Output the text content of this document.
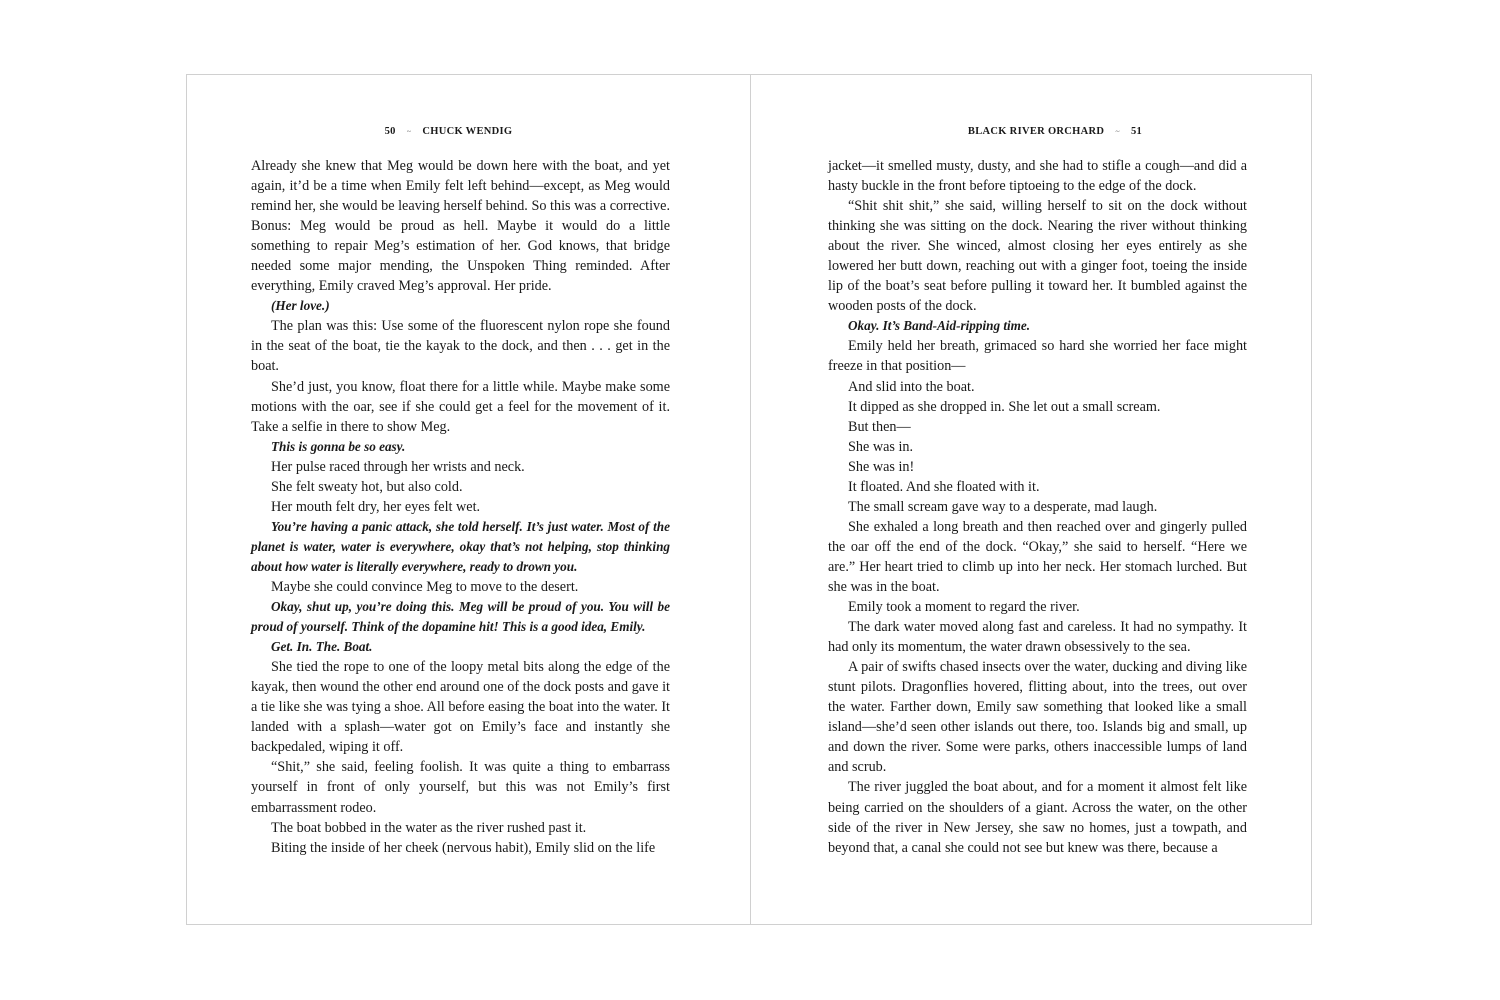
50 ~ CHUCK WENDIG

Already she knew that Meg would be down here with the boat, and yet again, it’d be a time when Emily felt left behind—except, as Meg would remind her, she would be leaving herself behind. So this was a corrective. Bonus: Meg would be proud as hell. Maybe it would do a little something to repair Meg’s estimation of her. God knows, that bridge needed some major mending, the Unspoken Thing reminded. After everything, Emily craved Meg’s approval. Her pride.

(Her love.)

The plan was this: Use some of the fluorescent nylon rope she found in the seat of the boat, tie the kayak to the dock, and then . . . get in the boat.

She’d just, you know, float there for a little while. Maybe make some motions with the oar, see if she could get a feel for the movement of it. Take a selfie in there to show Meg.

This is gonna be so easy.

Her pulse raced through her wrists and neck.

She felt sweaty hot, but also cold.

Her mouth felt dry, her eyes felt wet.

You’re having a panic attack, she told herself. It’s just water. Most of the planet is water, water is everywhere, okay that’s not helping, stop thinking about how water is literally everywhere, ready to drown you.

Maybe she could convince Meg to move to the desert.

Okay, shut up, you’re doing this. Meg will be proud of you. You will be proud of yourself. Think of the dopamine hit! This is a good idea, Emily.

Get. In. The. Boat.

She tied the rope to one of the loopy metal bits along the edge of the kayak, then wound the other end around one of the dock posts and gave it a tie like she was tying a shoe. All before easing the boat into the water. It landed with a splash—water got on Emily’s face and instantly she backpedaled, wiping it off.

“Shit,” she said, feeling foolish. It was quite a thing to embarrass yourself in front of only yourself, but this was not Emily’s first embarrassment rodeo.

The boat bobbed in the water as the river rushed past it.

Biting the inside of her cheek (nervous habit), Emily slid on the life

BLACK RIVER ORCHARD ~ 51

jacket—it smelled musty, dusty, and she had to stifle a cough—and did a hasty buckle in the front before tiptoeing to the edge of the dock.

“Shit shit shit,” she said, willing herself to sit on the dock without thinking she was sitting on the dock. Nearing the river without thinking about the river. She winced, almost closing her eyes entirely as she lowered her butt down, reaching out with a ginger foot, toeing the inside lip of the boat’s seat before pulling it toward her. It bumbled against the wooden posts of the dock.

Okay. It’s Band-Aid-ripping time.

Emily held her breath, grimaced so hard she worried her face might freeze in that position—

And slid into the boat.

It dipped as she dropped in. She let out a small scream.

But then—

She was in.

She was in!

It floated. And she floated with it.

The small scream gave way to a desperate, mad laugh.

She exhaled a long breath and then reached over and gingerly pulled the oar off the end of the dock. “Okay,” she said to herself. “Here we are.” Her heart tried to climb up into her neck. Her stomach lurched. But she was in the boat.

Emily took a moment to regard the river.

The dark water moved along fast and careless. It had no sympathy. It had only its momentum, the water drawn obsessively to the sea.

A pair of swifts chased insects over the water, ducking and diving like stunt pilots. Dragonflies hovered, flitting about, into the trees, out over the water. Farther down, Emily saw something that looked like a small island—she’d seen other islands out there, too. Islands big and small, up and down the river. Some were parks, others inaccessible lumps of land and scrub.

The river juggled the boat about, and for a moment it almost felt like being carried on the shoulders of a giant. Across the water, on the other side of the river in New Jersey, she saw no homes, just a towpath, and beyond that, a canal she could not see but knew was there, because a
